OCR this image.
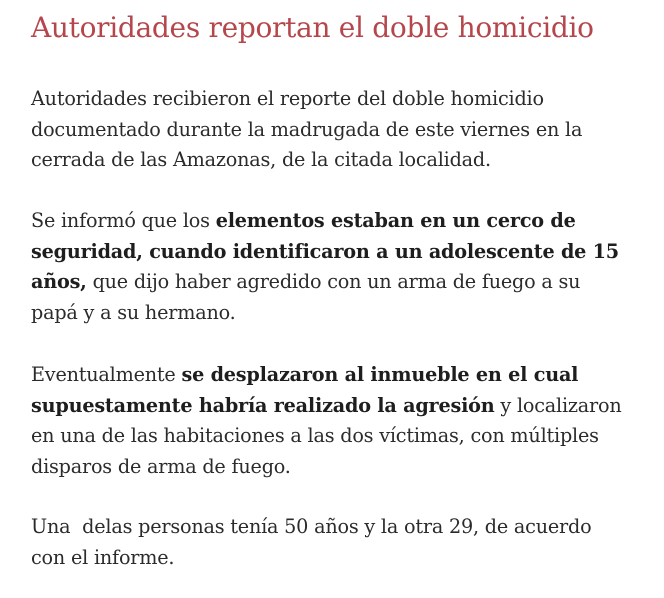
Autoridades reportan el doble homicidio

Autoridades recibieron el reporte del doble homicidio
documentado durante la madrugada de este viernes en la
cerrada de las Amazonas, de la citada localidad.

Se informó que los elementos estaban en un cerco de
seguridad, cuando identificaron a un adolescente de 15
años, que dijo haber agredido con un arma de fuego a su
papá y a su hermano.

Eventualmente se desplazaron al inmueble en el cual
supuestamente habría realizado la agresión y localizaron
en una de las habitaciones a las dos víctimas, con múltiples
disparos de arma de fuego.

Una  delas personas tenía 50 años y la otra 29, de acuerdo
con el informe.
